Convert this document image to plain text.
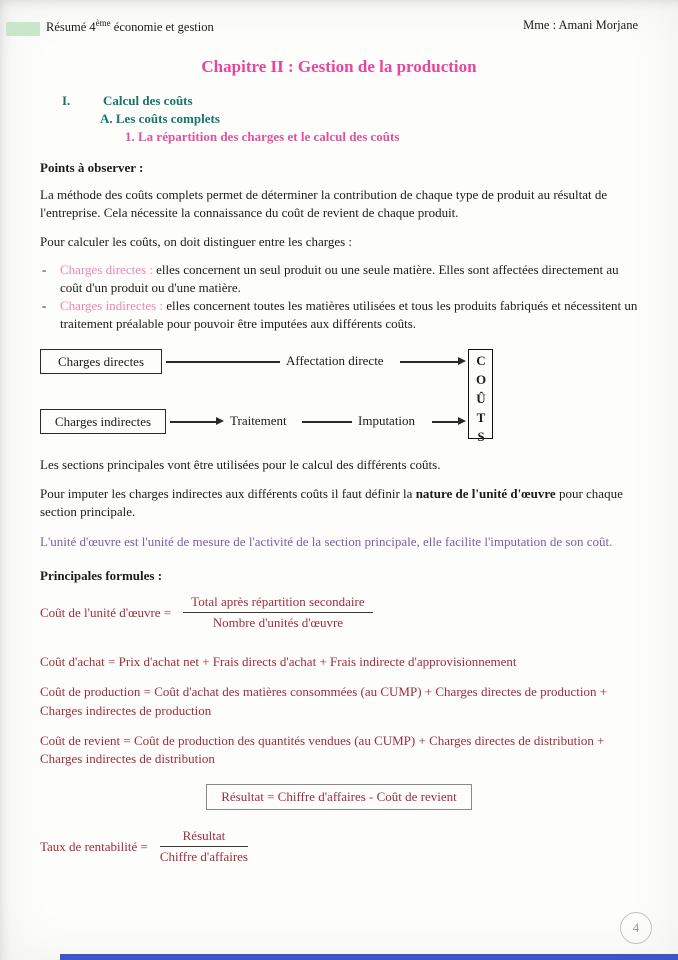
Résumé 4ème économie et gestion	Mme : Amani Morjane
Chapitre II : Gestion de la production
I.	Calcul des coûts
A. Les coûts complets
1. La répartition des charges et le calcul des coûts
Points à observer :
La méthode des coûts complets permet de déterminer la contribution de chaque type de produit au résultat de l'entreprise. Cela nécessite la connaissance du coût de revient de chaque produit.
Pour calculer les coûts, on doit distinguer entre les charges :
- Charges directes : elles concernent un seul produit ou une seule matière. Elles sont affectées directement au coût d'un produit ou d'une matière.
- Charges indirectes : elles concernent toutes les matières utilisées et tous les produits fabriqués et nécessitent un traitement préalable pour pouvoir être imputées aux différents coûts.
Charges directes
Charges indirectes
Affectation directe
Traitement	Imputation	COÛTS
Les sections principales vont être utilisées pour le calcul des différents coûts.
Pour imputer les charges indirectes aux différents coûts il faut définir la nature de l'unité d'œuvre pour chaque section principale.
L'unité d'œuvre est l'unité de mesure de l'activité de la section principale, elle facilite l'imputation de son coût.
Principales formules :
Coût de l'unité d'œuvre = $\frac{\text{Total après répartition secondaire}}{\text{Nombre d'unités d'œuvre}}$
Coût d'achat = Prix d'achat net + Frais directs d'achat + Frais indirecte d'approvisionnement
Coût de production = Coût d'achat des matières consommées (au CUMP) + Charges directes de production + Charges indirectes de production
Coût de revient = Coût de production des quantités vendues (au CUMP) + Charges directes de distribution + Charges indirectes de distribution
Résultat = Chiffre d'affaires - Coût de revient
Taux de rentabilité = $\frac{\text{Résultat}}{\text{Chiffre d'affaires}}$
4
